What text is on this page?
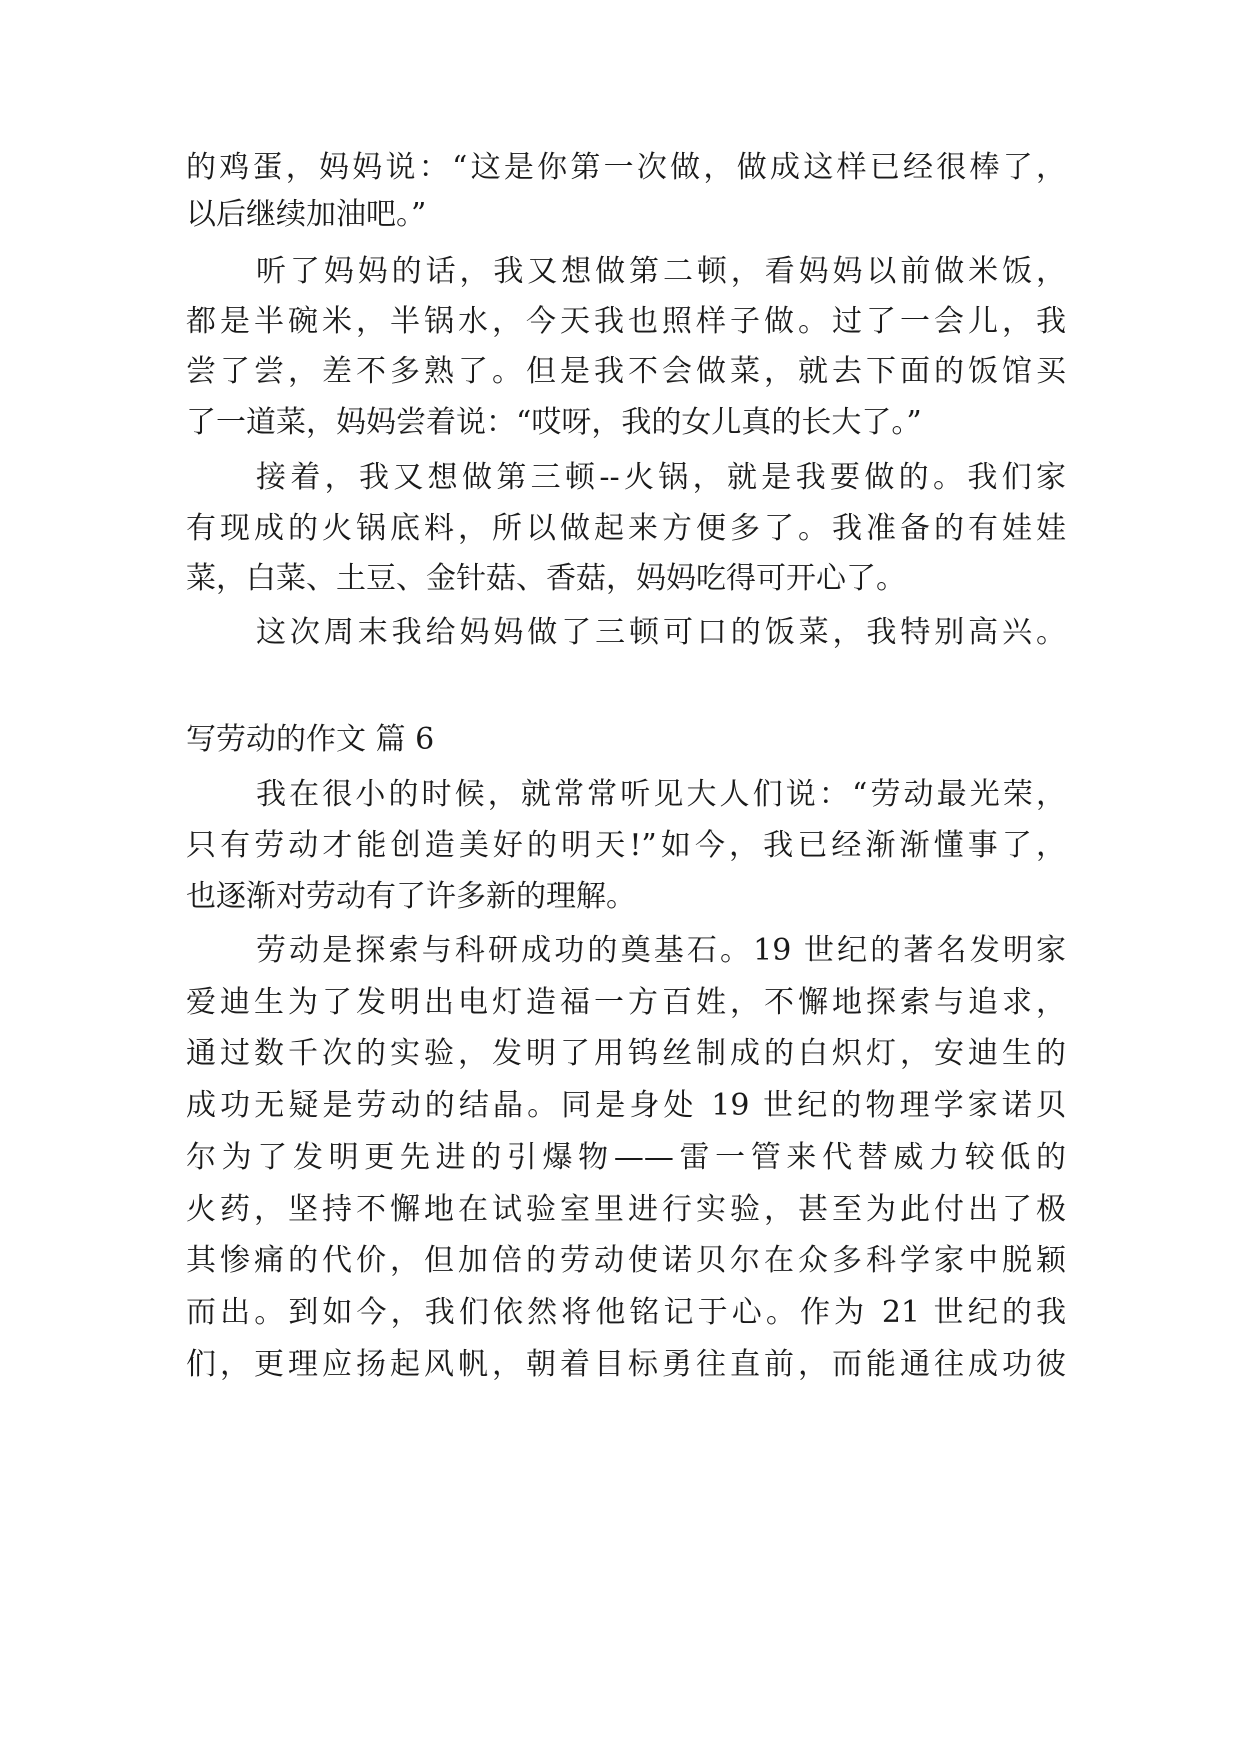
的鸡蛋，妈妈说：“这是你第一次做，做成这样已经很棒了，
以后继续加油吧。”
听了妈妈的话，我又想做第二顿，看妈妈以前做米饭，
都是半碗米，半锅水，今天我也照样子做。过了一会儿，我
尝了尝，差不多熟了。但是我不会做菜，就去下面的饭馆买
了一道菜，妈妈尝着说：“哎呀，我的女儿真的长大了。”
接着，我又想做第三顿--火锅，就是我要做的。我们家
有现成的火锅底料，所以做起来方便多了。我准备的有娃娃
菜，白菜、土豆、金针菇、香菇，妈妈吃得可开心了。
这次周末我给妈妈做了三顿可口的饭菜，我特别高兴。
写劳动的作文 篇 6
我在很小的时候，就常常听见大人们说：“劳动最光荣，
只有劳动才能创造美好的明天!”如今，我已经渐渐懂事了，
也逐渐对劳动有了许多新的理解。
劳动是探索与科研成功的奠基石。19 世纪的著名发明家
爱迪生为了发明出电灯造福一方百姓，不懈地探索与追求，
通过数千次的实验，发明了用钨丝制成的白炽灯，安迪生的
成功无疑是劳动的结晶。同是身处 19 世纪的物理学家诺贝
尔为了发明更先进的引爆物——雷一管来代替威力较低的
火药，坚持不懈地在试验室里进行实验，甚至为此付出了极
其惨痛的代价，但加倍的劳动使诺贝尔在众多科学家中脱颖
而出。到如今，我们依然将他铭记于心。作为 21 世纪的我
们，更理应扬起风帆，朝着目标勇往直前，而能通往成功彼
